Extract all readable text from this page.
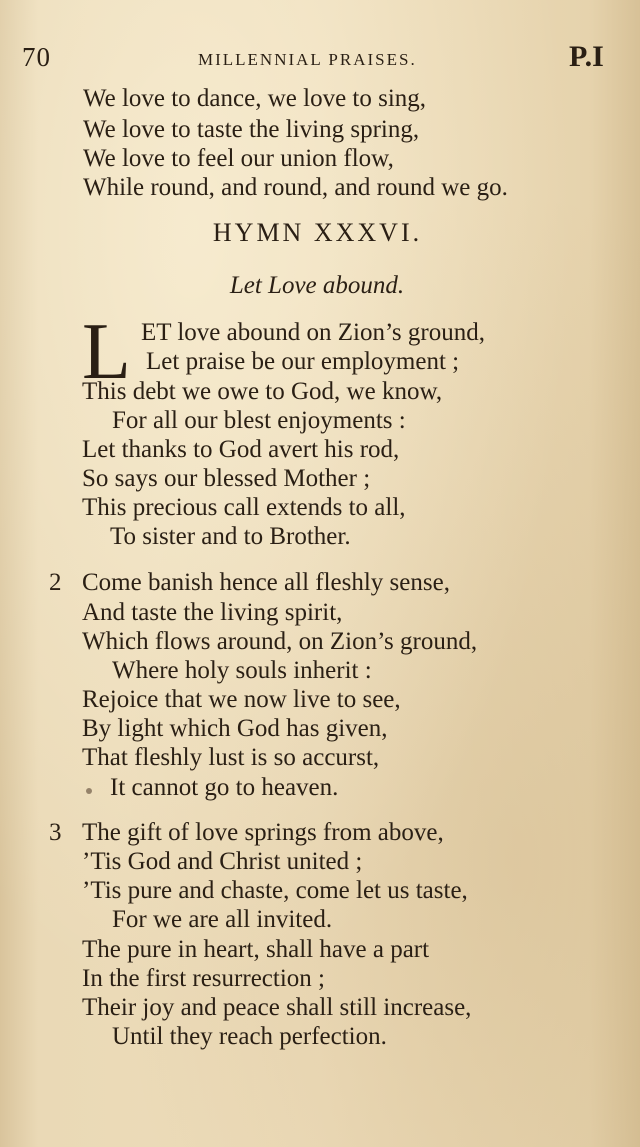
70	MILLENNIAL PRAISES.	P.I
We love to dance, we love to sing,
We love to taste the living spring,
We love to feel our union flow,
While round, and round, and round we go.
HYMN XXXVI.
Let Love abound.
L ET love abound on Zion’s ground,
Let praise be our employment ;
This debt we owe to God, we know,
For all our blest enjoyments :
Let thanks to God avert his rod,
So says our blessed Mother ;
This precious call extends to all,
To sister and to Brother.
2 Come banish hence all fleshly sense,
And taste the living spirit,
Which flows around, on Zion’s ground,
Where holy souls inherit :
Rejoice that we now live to see,
By light which God has given,
That fleshly lust is so accurst,
It cannot go to heaven.
3 The gift of love springs from above,
’Tis God and Christ united ;
’Tis pure and chaste, come let us taste,
For we are all invited.
The pure in heart, shall have a part
In the first resurrection ;
Their joy and peace shall still increase,
Until they reach perfection.
